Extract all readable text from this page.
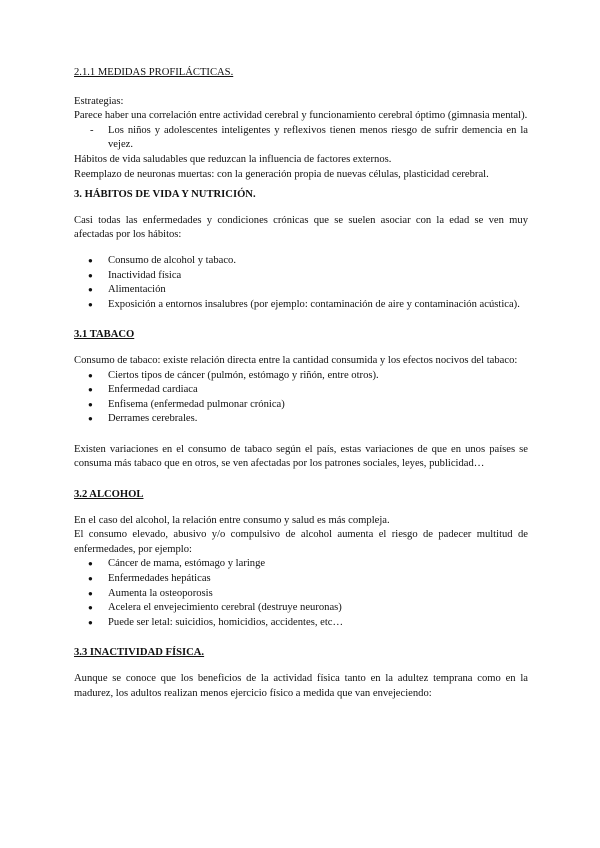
2.1.1 MEDIDAS PROFILÁCTICAS.

Estrategias:

Parece haber una correlación entre actividad cerebral y funcionamiento cerebral óptimo (gimnasia mental).

- Los niños y adolescentes inteligentes y reflexivos tienen menos riesgo de sufrir demencia en la vejez.

Hábitos de vida saludables que reduzcan la influencia de factores externos.

Reemplazo de neuronas muertas: con la generación propia de nuevas células, plasticidad cerebral.

3. HÁBITOS DE VIDA Y NUTRICIÓN.

Casi todas las enfermedades y condiciones crónicas que se suelen asociar con la edad se ven muy afectadas por los hábitos:

● Consumo de alcohol y tabaco.
● Inactividad física
● Alimentación
● Exposición a entornos insalubres (por ejemplo: contaminación de aire y contaminación acústica).

3.1 TABACO

Consumo de tabaco: existe relación directa entre la cantidad consumida y los efectos nocivos del tabaco:

● Ciertos tipos de cáncer (pulmón, estómago y riñón, entre otros).
● Enfermedad cardiaca
● Enfisema (enfermedad pulmonar crónica)
● Derrames cerebrales.

Existen variaciones en el consumo de tabaco según el país, estas variaciones de que en unos países se consuma más tabaco que en otros, se ven afectadas por los patrones sociales, leyes, publicidad…

3.2 ALCOHOL

En el caso del alcohol, la relación entre consumo y salud es más compleja.

El consumo elevado, abusivo y/o compulsivo de alcohol aumenta el riesgo de padecer multitud de enfermedades, por ejemplo:

● Cáncer de mama, estómago y laringe
● Enfermedades hepáticas
● Aumenta la osteoporosis
● Acelera el envejecimiento cerebral (destruye neuronas)
● Puede ser letal: suicidios, homicidios, accidentes, etc…

3.3 INACTIVIDAD FÍSICA.

Aunque se conoce que los beneficios de la actividad física tanto en la adultez temprana como en la madurez, los adultos realizan menos ejercicio físico a medida que van envejeciendo:
